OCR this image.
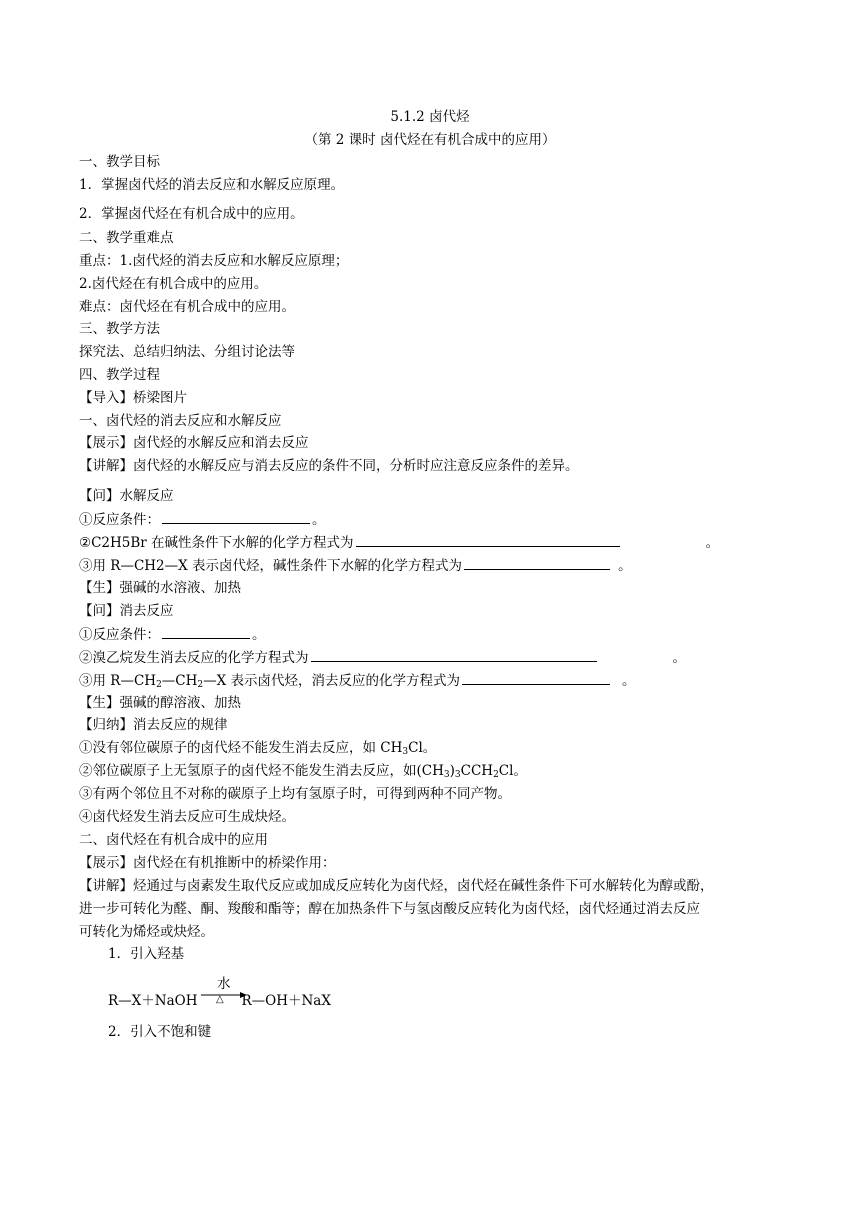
5.1.2 卤代烃
（第 2 课时 卤代烃在有机合成中的应用）
一、教学目标
1．掌握卤代烃的消去反应和水解反应原理。
2．掌握卤代烃在有机合成中的应用。
二、教学重难点
重点：1.卤代烃的消去反应和水解反应原理；
2.卤代烃在有机合成中的应用。
难点：卤代烃在有机合成中的应用。
三、教学方法
探究法、总结归纳法、分组讨论法等
四、教学过程
【导入】桥梁图片
一、卤代烃的消去反应和水解反应
【展示】卤代烃的水解反应和消去反应
【讲解】卤代烃的水解反应与消去反应的条件不同，分析时应注意反应条件的差异。
【问】水解反应
①反应条件：	。
②C2H5Br 在碱性条件下水解的化学方程式为	。
③用 R—CH2—X 表示卤代烃，碱性条件下水解的化学方程式为	。
【生】强碱的水溶液、加热
【问】消去反应
①反应条件：	。
②溴乙烷发生消去反应的化学方程式为	。
③用 $R—CH_2—CH_2—X$ 表示卤代烃，消去反应的化学方程式为	。
【生】强碱的醇溶液、加热
【归纳】消去反应的规律
①没有邻位碳原子的卤代烃不能发生消去反应，如 $CH_3Cl$。
②邻位碳原子上无氢原子的卤代烃不能发生消去反应，如$(CH_3)_3CCH_2Cl$。
③有两个邻位且不对称的碳原子上均有氢原子时，可得到两种不同产物。
④卤代烃发生消去反应可生成炔烃。
二、卤代烃在有机合成中的应用
【展示】卤代烃在有机推断中的桥梁作用：
【讲解】烃通过与卤素发生取代反应或加成反应转化为卤代烃，卤代烃在碱性条件下可水解转化为醇或酚，
进一步可转化为醛、酮、羧酸和酯等；醇在加热条件下与氢卤酸反应转化为卤代烃，卤代烃通过消去反应
可转化为烯烃或炔烃。
1．引入羟基
水
△
R—X＋NaOH	R—OH＋NaX
2．引入不饱和键
